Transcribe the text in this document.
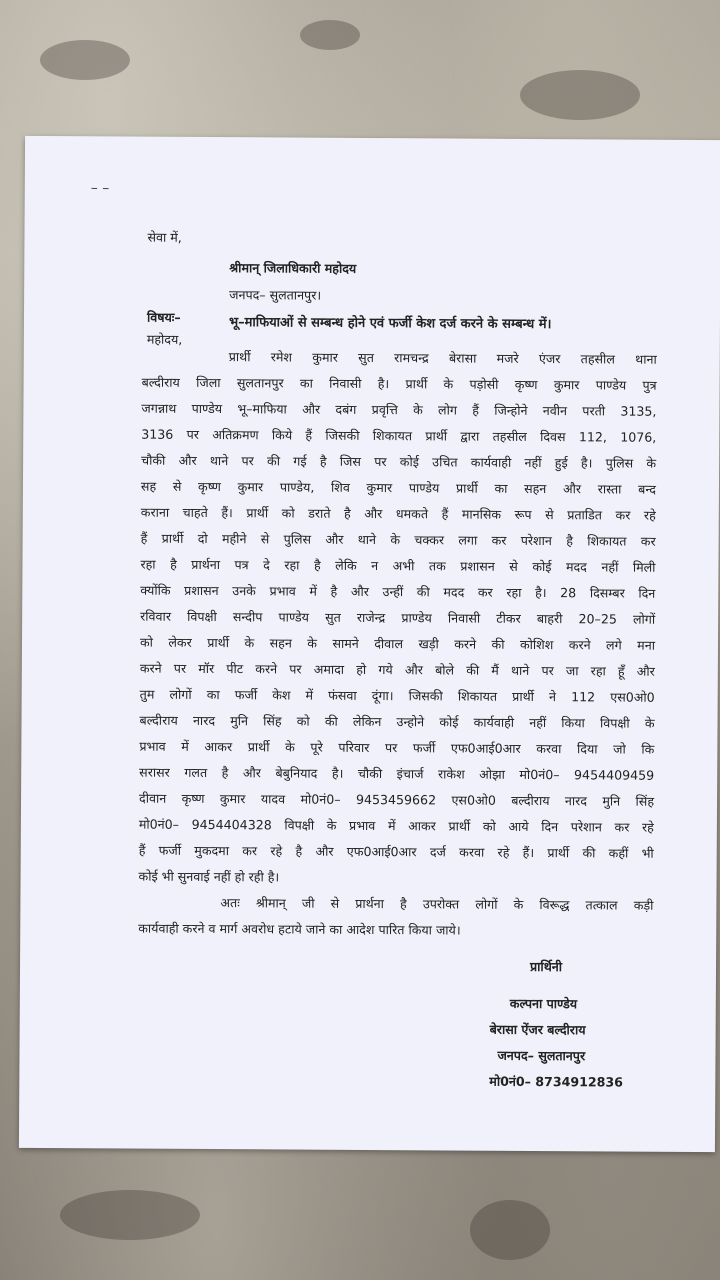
– –
सेवा में,
श्रीमान् जिलाधिकारी महोदय
जनपद– सुलतानपुर।
विषयः–	भू–माफियाओं से सम्बन्ध होने एवं फर्जी केश दर्ज करने के सम्बन्ध में।
महोदय,
प्रार्थी रमेश कुमार सुत रामचन्द्र बेरासा मजरे एंजर तहसील थाना
बल्दीराय जिला सुलतानपुर का निवासी है। प्रार्थी के पड़ोसी कृष्ण कुमार पाण्डेय पुत्र
जगन्नाथ पाण्डेय भू–माफिया और दबंग प्रवृत्ति के लोग हैं जिन्होने नवीन परती 3135,
3136 पर अतिक्रमण किये हैं जिसकी शिकायत प्रार्थी द्वारा तहसील दिवस 112, 1076,
चौकी और थाने पर की गई है जिस पर कोई उचित कार्यवाही नहीं हुई है। पुलिस के
सह से कृष्ण कुमार पाण्डेय, शिव कुमार पाण्डेय प्रार्थी का सहन और रास्ता बन्द
कराना चाहते हैं। प्रार्थी को डराते है और धमकते हैं मानसिक रूप से प्रताडित कर रहे
हैं प्रार्थी दो महीने से पुलिस और थाने के चक्कर लगा कर परेशान है शिकायत कर
रहा है प्रार्थना पत्र दे रहा है लेकि न अभी तक प्रशासन से कोई मदद नहीं मिली
क्योंकि प्रशासन उनके प्रभाव में है और उन्हीं की मदद कर रहा है। 28 दिसम्बर दिन
रविवार विपक्षी सन्दीप पाण्डेय सुत राजेन्द्र प्राण्डेय निवासी टीकर बाहरी 20–25 लोगों
को लेकर प्रार्थी के सहन के सामने दीवाल खड़ी करने की कोशिश करने लगे मना
करने पर मॉर पीट करने पर अमादा हो गये और बोले की मैं थाने पर जा रहा हूँ और
तुम लोगों का फर्जी केश में फंसवा दूंगा। जिसकी शिकायत प्रार्थी ने 112 एस0ओ0
बल्दीराय नारद मुनि सिंह को की लेकिन उन्होने कोई कार्यवाही नहीं किया विपक्षी के
प्रभाव में आकर प्रार्थी के पूरे परिवार पर फर्जी एफ0आई0आर करवा दिया जो कि
सरासर गलत है और बेबुनियाद है। चौकी इंचार्ज राकेश ओझा मो0नं0– 9454409459
दीवान कृष्ण कुमार यादव मो0नं0– 9453459662 एस0ओ0 बल्दीराय नारद मुनि सिंह
मो0नं0– 9454404328 विपक्षी के प्रभाव में आकर प्रार्थी को आये दिन परेशान कर रहे
हैं फर्जी मुकदमा कर रहे है और एफ0आई0आर दर्ज करवा रहे हैं। प्रार्थी की कहीं भी
कोई भी सुनवाई नहीं हो रही है।
अतः श्रीमान् जी से प्रार्थना है उपरोक्त लोगों के विरूद्ध तत्काल कड़ी
कार्यवाही करने व मार्ग अवरोध हटाये जाने का आदेश पारित किया जाये।
प्रार्थिनी
कल्पना पाण्डेय
बेरासा ऐंजर बल्दीराय
जनपद– सुलतानपुर
मो0नं0– 8734912836
